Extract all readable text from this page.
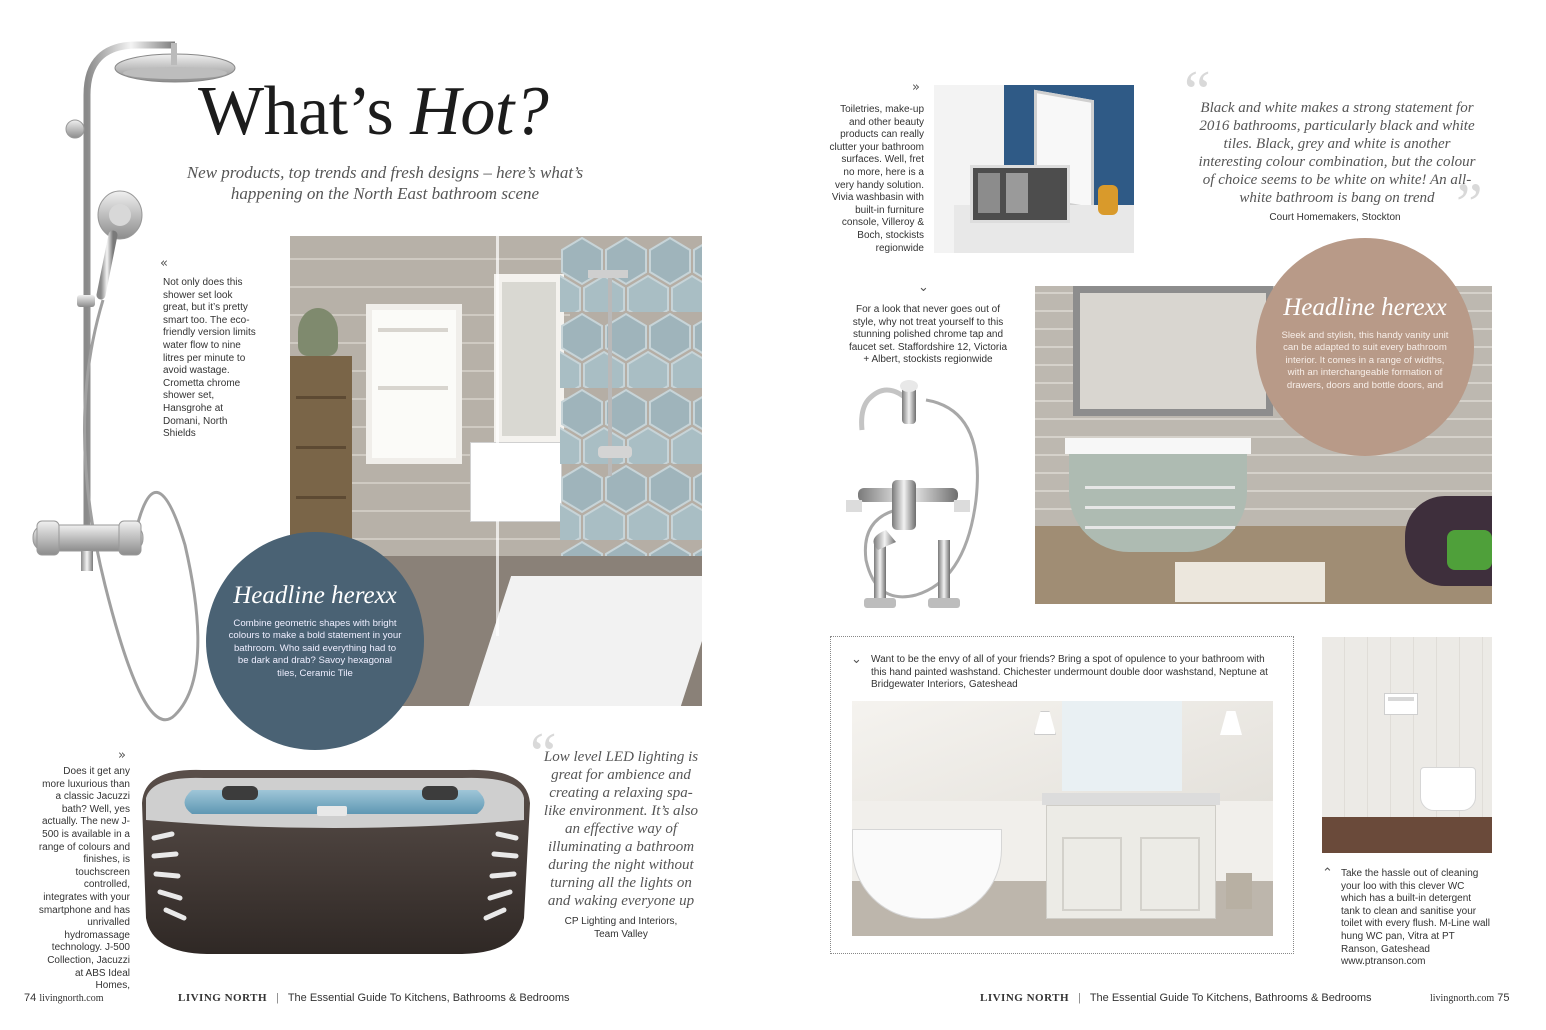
What’s Hot?
New products, top trends and fresh designs – here’s what’s happening on the North East bathroom scene
«
Not only does this shower set look great, but it’s pretty smart too. The eco-friendly version limits water flow to nine litres per minute to avoid wastage. Crometta chrome shower set, Hansgrohe at Domani, North Shields
Headline herexx

Combine geometric shapes with bright colours to make a bold statement in your bathroom. Who said everything had to be dark and drab? Savoy hexagonal tiles, Ceramic Tile

»
Does it get any more luxurious than a classic Jacuzzi bath? Well, yes actually. The new J-500 is available in a range of colours and finishes, is touchscreen controlled, integrates with your smartphone and has unrivalled hydromassage technology. J-500 Collection, Jacuzzi at ABS Ideal Homes,
“
Low level LED lighting is great for ambience and creating a relaxing spa-like environment. It’s also an effective way of illuminating a bathroom during the night without turning all the lights on and waking everyone up
CP Lighting and Interiors, Team Valley
74 livingnorth.com	LIVING NORTH | The Essential Guide To Kitchens, Bathrooms & Bedrooms
»
Toiletries, make-up and other beauty products can really clutter your bathroom surfaces. Well, fret no more, here is a very handy solution. Vivia washbasin with built-in furniture console, Villeroy & Boch, stockists regionwide
“
Black and white makes a strong statement for 2016 bathrooms, particularly black and white tiles. Black, grey and white is another interesting colour combination, but the colour of choice seems to be white on white! An all-white bathroom is bang on trend
Court Homemakers, Stockton ”
⌄
For a look that never goes out of style, why not treat yourself to this stunning polished chrome tap and faucet set. Staffordshire 12, Victoria + Albert, stockists regionwide
Headline herexx

Sleek and stylish, this handy vanity unit can be adapted to suit every bathroom interior. It comes in a range of widths, with an interchangeable formation of drawers, doors and bottle doors, and

⌄ Want to be the envy of all of your friends? Bring a spot of opulence to your bathroom with this hand painted washstand. Chichester undermount double door washstand, Neptune at Bridgewater Interiors, Gateshead
⌃ Take the hassle out of cleaning your loo with this clever WC which has a built-in detergent tank to clean and sanitise your toilet with every flush. M-Line wall hung WC pan, Vitra at PT Ranson, Gateshead www.ptranson.com
LIVING NORTH | The Essential Guide To Kitchens, Bathrooms & Bedrooms	livingnorth.com 75
